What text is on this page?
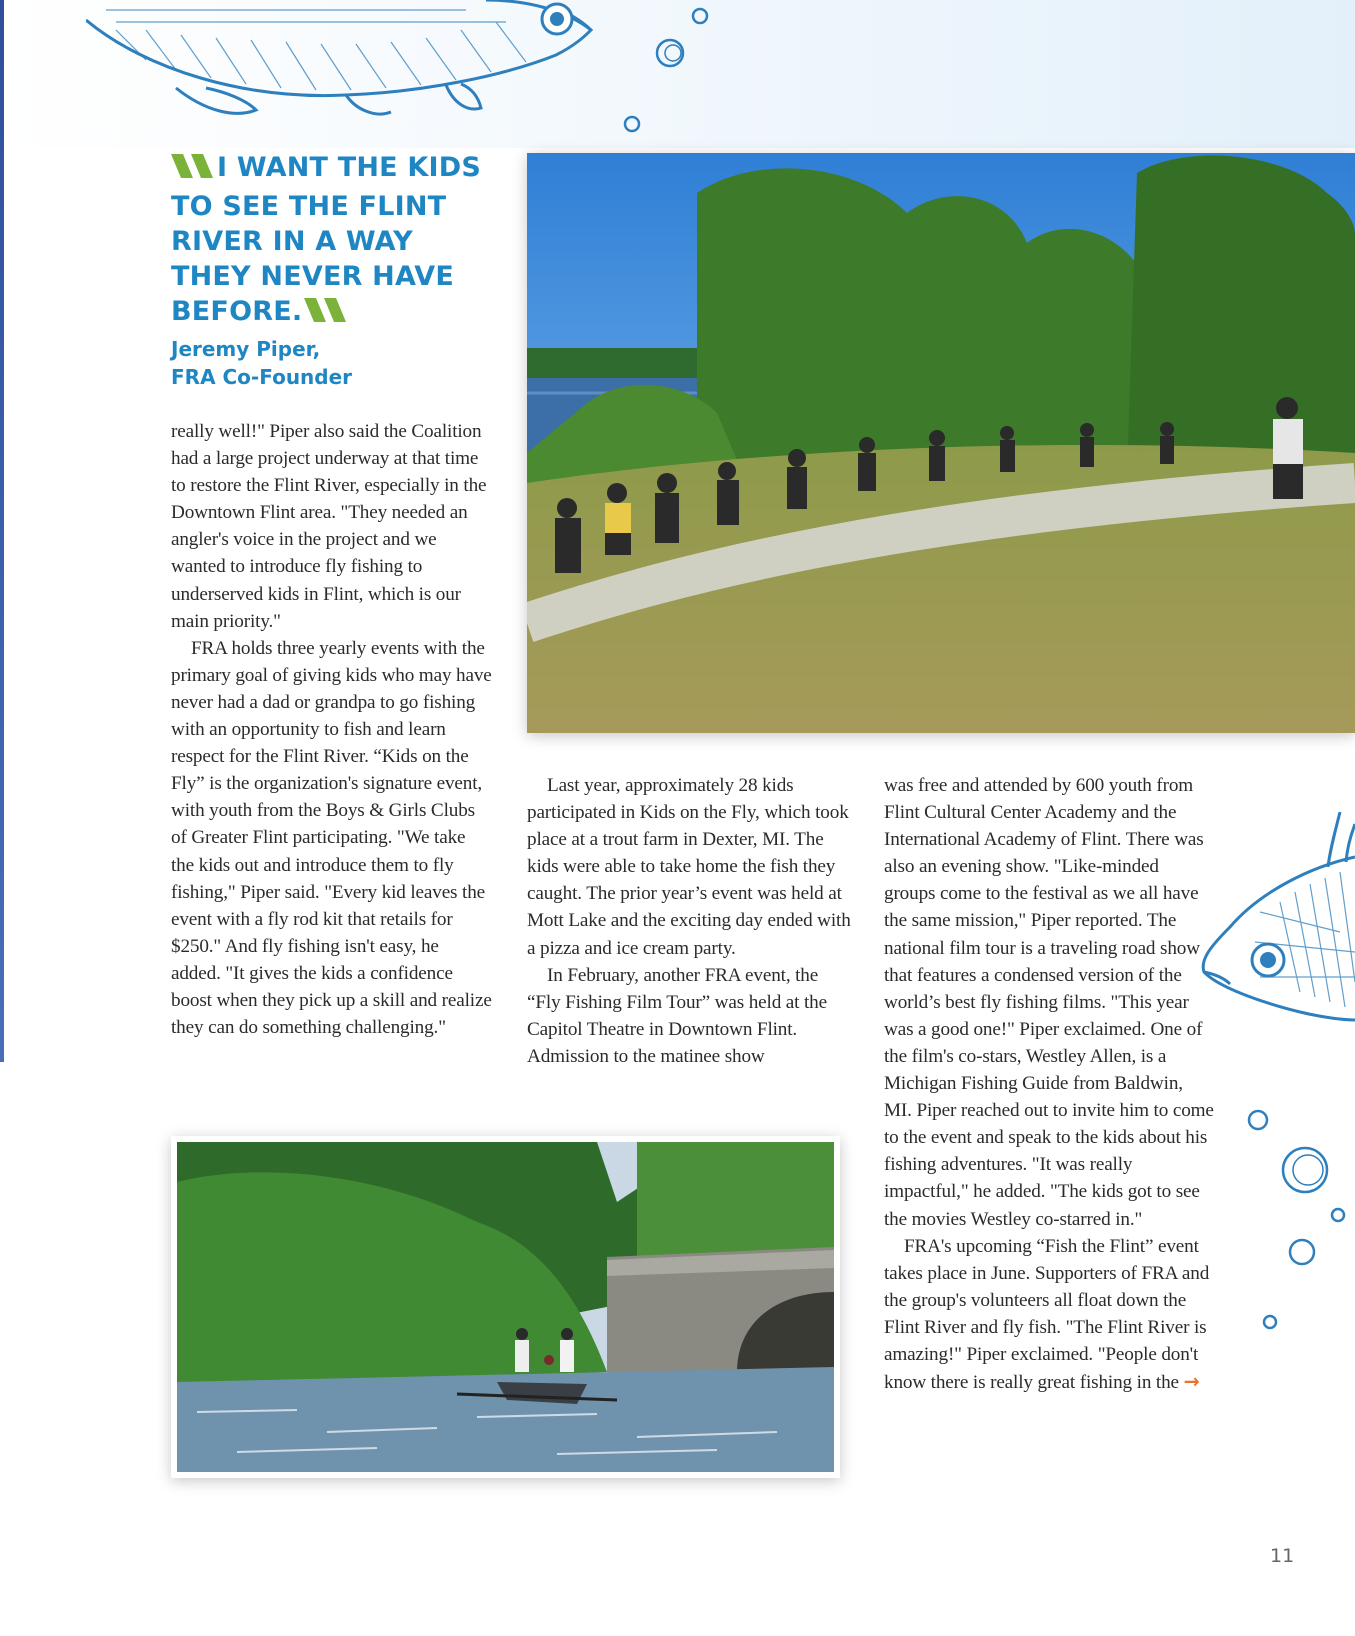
I WANT THE KIDS TO SEE THE FLINT RIVER IN A WAY THEY NEVER HAVE BEFORE.

Jeremy Piper,
FRA Co-Founder

really well!" Piper also said the Coalition had a large project underway at that time to restore the Flint River, especially in the Downtown Flint area. "They needed an angler's voice in the project and we wanted to introduce fly fishing to underserved kids in Flint, which is our main priority."

FRA holds three yearly events with the primary goal of giving kids who may have never had a dad or grandpa to go fishing with an opportunity to fish and learn respect for the Flint River. “Kids on the Fly” is the organization's signature event, with youth from the Boys & Girls Clubs of Greater Flint participating. "We take the kids out and introduce them to fly fishing," Piper said. "Every kid leaves the event with a fly rod kit that retails for $250." And fly fishing isn't easy, he added. "It gives the kids a confidence boost when they pick up a skill and realize they can do something challenging."

Last year, approximately 28 kids participated in Kids on the Fly, which took place at a trout farm in Dexter, MI. The kids were able to take home the fish they caught. The prior year’s event was held at Mott Lake and the exciting day ended with a pizza and ice cream party.

In February, another FRA event, the “Fly Fishing Film Tour” was held at the Capitol Theatre in Downtown Flint. Admission to the matinee show

was free and attended by 600 youth from Flint Cultural Center Academy and the International Academy of Flint. There was also an evening show. "Like-minded groups come to the festival as we all have the same mission," Piper reported. The national film tour is a traveling road show that features a condensed version of the world’s best fly fishing films. "This year was a good one!" Piper exclaimed. One of the film's co-stars, Westley Allen, is a Michigan Fishing Guide from Baldwin, MI. Piper reached out to invite him to come to the event and speak to the kids about his fishing adventures. "It was really impactful," he added. "The kids got to see the movies Westley co-starred in."

FRA's upcoming “Fish the Flint” event takes place in June. Supporters of FRA and the group's volunteers all float down the Flint River and fly fish. "The Flint River is amazing!" Piper exclaimed. "People don't know there is really great fishing in the →

11
